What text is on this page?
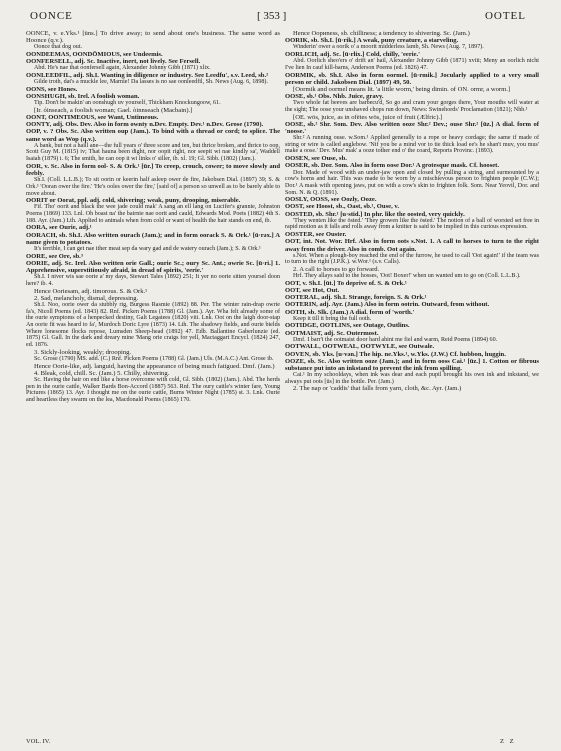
OONCE	[ 353 ]	OOTEL

OONCE, v. e.Yks.¹ [ūns.] To drive away; to send about one's business. The same word as Hoonce (q.v.).

Oonce that dog out.

OONDEEMAS, OONDŌMIOUS, see Undeemis.

OONFERSELL, adj. Sc. Inactive, inert, not lively. See Fersell.

Abd. He's nae that oonfersell again, Alexander Johnny Gibb (1871) xlix.

OONLEEDFIL, adj. Sh.I. Wanting in diligence or industry. See Leedfu', s.v. Leed, sb.²

Gilde troth, dat's a muckle lee, Marnie! Da lasses is no sae oonleedfil, Sh. News (Aug. 6, 1898).

OONS, see Hones.

OONSHUGH, sb. Irel. A foolish woman.

Tip. Don't be makin' an oonshugh uv yourself, Thickham Knockungoow, 61.

[Ir. óinseach, a foolish woman; Gael. òinnseach (Macbain).]

OONT, OONTIMEOUS, see Want, Untimeous.

OONTY, adj. Obs. Dev. Also in form ownty n.Dev. Empty. Dev.¹ n.Dev. Grose (1790).

OOP, v. ? Obs. Sc. Also written oup (Jam.). To bind with a thread or cord; to splice. The same word as Wop (q.v.).

A bank, but not a haill ane—the full years o' three score and ten, but thrice broken, and thrice to oop, Scott Guy M. (1815) iv; That hauna been dight, nor oopit right, nor seepit wi nae kindly sa', Waddell Isaiah (1879) i. 6; The smith, he can oop it wi links o' siller, ib. xl. 19; Gl. Sibb. (1802) (Jam.).

OOR, v. Sc. Also in form ool- S. & Ork.¹ [ūr.] To creep, crouch, cower; to move slowly and feebly.

Sh.I. (Coll. L.L.B.); To sit oorin or keerin half asleep ower de fire, Jakobsen Dial. (1897) 39; S. & Ork.¹ 'Ooran ower the fire.' 'He's ooles ower the fire,' [said of] a person so unwell as to be barely able to move about.

OORIT or Oorat, ppl. adj. cold, shivering; weak, puny, drooping, miserable.

Fif. Tho' oorit and black the wee jade could mak' A sang an ell lang on Lucifer's grannie, Johnston Poems (1869) 133. Lnl. Oh boast na' the bairnie nae oorit and cauld, Edwards Mod. Poets (1882) 4th S. 188. Ayr. (Jam.) Lth. Applied to animals when from cold or want of health the hair stands on end, ib.

OORA, see Ourie, adj.¹

OORACH, sb. Sh.I. Also written ourach (Jam.); and in form oorack S. & Ork.¹ [ū·rəx.] A name given to potatoes.

It's terrible, I can get nae ither meat sep da wary gad and de watery ourach (Jam.); S. & Ork.¹

OORE, see Ore, sb.³

OORIE, adj. Sc. Irel. Also written orie Gall.; ourie Sc.; oury Sc. Ant.; owrie Sc. [ū·ri.] 1. Apprehensive, superstitiously afraid, in dread of spirits, 'eerie.'

Sh.I. I niver wis sae oorie a' my days, Stewart Tales (1892) 251; It yer no oorie sitten yoursel doon here? ib. 4.

Hence Ooriesam, adj. timorous. S. & Ork.¹

2. Sad, melancholy, dismal, depressing.

Sh.I. Noo, oorie ower da stubbly rig, Burgess Rasmie (1892) 88. Per. The winter rain-drap owrie fa's, Nicoll Poems (ed. 1843) 82. Rnf. Picken Poems (1788) Gl. (Jam.). Ayr. Wha felt already some of the ourie symptoms of a henpecked destiny, Galt Legatees (1820) viii. Lnk. Oot on the laigh door-stap An oorie fit was heard to fa', Murdoch Doric Lyre (1873) 14. Lth. The shadowy fields, and ourie bields Where lonesome flocks repose, Lumsden Sheep-head (1892) 47. Edb. Ballantine Gaberlunzie (ed. 1875) Gl. Gall. In the dark and dreary mine 'Mang orie craigs for yell, Mactaggart Encycl. (1824) 247, ed. 1876.

3. Sickly-looking, weakly; drooping.

Sc. Grose (1790) MS. add. (C.) Rnf. Picken Poems (1788) Gl. (Jam.) Uls. (M.A.C.) Ant. Grose ib.

Hence Oorie-like, adj. languid, having the appearance of being much fatigued. Dmf. (Jam.)

4. Bleak, cold, chill. Sc. (Jam.) 5. Chilly, shivering.

Sc. Having the hair on end like a horse overcome with cold, Gl. Sibb. (1802) (Jam.). Abd. The herds pen in the ourie cattle, Walker Bards Bon-Accord (1887) 563. Rnf. The oury cattle's winter fare, Young Pictures (1865) 13. Ayr. I thought me on the ourie cattle, Burns Winter Night (1785) st. 3. Lnk. Ourie and heartless they swarm on the lea, Macdonald Poems (1865) 170.

Hence Oориness, sb. chilliness; a tendency to shivering. Sc. (Jam.)

OORIK, sb. Sh.I. [ū·rik.] A weak, puny creature, a starveling.

Winderin' ower a oorik o' a moorit midderless lamb, Sh. News (Aug. 7, 1897).

OORLICH, adj. Sc. [ū·rlix.] Cold, chilly, 'eerie.'

Abd. Oorlich sheo'ers o' drift an' hail, Alexander Johnny Gibb (1871) xviii; Meny an oorlich nicht I've lien In cauf kill-barns, Anderson Poems (ed. 1826) 47.

OORMIK, sb. Sh.I. Also in form oormel. [ū·rmik.] Jocularly applied to a very small person or child. Jakobsen Dial. (1897) 49, 50.

[Oormik and oormel means lit. 'a little worm,' being dimin. of ON. ormr, a worm.]

OOSE, sb.¹ Obs. Nhb. Juice, gravy.

Two whole fat beeves are barbecu'd, So go and cram your gorges there, Your mouths will water at the sight; The oose your unshaved chops run down, News: Swinehords' Proclamation (1821); Nhb.¹

[OE. wōs, juice, as in ofētes wōs, juice of fruit (Ælfric).]

OOSE, sb.² Shr. Som. Dev. Also written ooze Shr.² Dev.; ouse Shr.² [ūz.] A dial. form of 'noose.'

Shr.² A running ouse. w.Som.¹ Applied generally to a rope or heavy cordage; the same if made of string or wire is called anglebow. 'Nif you be a mind vor to tie thick load ee's he shan't muv, you mus' make a oose.' Dev. Mus' mak' a ooze tother end o' the coard, Reports Provinc. (1893).

OOSEN, see Ouse, sb.

OOSER, sb. Dor. Som. Also in form oose Dor.¹ A grotesque mask. Cf. hooset.

Dor. Made of wood with an under-jaw open and closed by pulling a string, and surmounted by a cow's horns and hair. This was made to be worn by a mischievous person to frighten people (C.W.); Dor.¹ A mask with opening jaws, put on with a cow's skin to frighten folk. Som. Near Yeovil, Dor. and Som. N. & Q. (1891).

OOSLY, OOSS, see Oozly, Ooze.

OOST, see Hoost, sb., Oast, sb.¹, Ouse, v.

OOSTED, sb. Shr.¹ [u·stid.] In phr. like the oosted, very quickly.

'They wenten like the ōsted.' 'They growen like the ōsted.' The notion of a ball of worsted set free in rapid motion as it falls and rolls away from a knitter is said to be implied in this curious expression.

OOSTER, see Ouster.

OOT, int. Not. Wor. Hrf. Also in form oots s.Not. 1. A call to horses to turn to the right away from the driver. Also in comb. Oot again.

s.Not. When a plough-boy reached the end of the furrow, he used to call 'Oot again!' if the team was to turn to the right (J.P.K.). w.Wor.¹ (s.v. Calls).

2. A call to horses to go forward.

Hrf. They allays said to the hosses, 'Oot! Boxer!' when un wanted um to go on (Coll. L.L.B.).

OOT, v. Sh.I. [ūt.] To deprive of. S. & Ork.¹

OOT, see Hot, Out.

OOTERAL, adj. Sh.I. Strange, foreign. S. & Ork.¹

OOTERIN, adj. Ayr. (Jam.) Also in form ootrin. Outward, from without.

OOTH, sb. Slk. (Jam.) A dial. form of 'worth.'

Keep it till it bring the full ooth.

OOTIDGE, OOTLINS, see Outage, Outlins.

OOTMAIST, adj. Sc. Outermost.

Dmf. I barr't the ootmaist door hard ahint me fiel and warm, Reid Poems (1894) 60.

OOTWALL, OOTWEAL, OOTWYLE, see Outwale.

OOVEN, sb. Yks. [u·vən.] The hip. ne.Yks.¹, w.Yks. (J.W.) Cf. hubbon, huggin.

OOZE, sb. Sc. Also written ooze (Jam.); and in form ooss Cai.¹ [ūz.] 1. Cotton or fibrous substance put into an inkstand to prevent the ink from spilling.

Cai.¹ In my schooldays, when ink was dear and each pupil brought his own ink and inkstand, we always put oots [ūs] in the bottle. Per. (Jam.)

2. The nap or 'caddis' that falls from yarn, cloth, &c. Ayr. (Jam.)

VOL. IV.	Z Z
